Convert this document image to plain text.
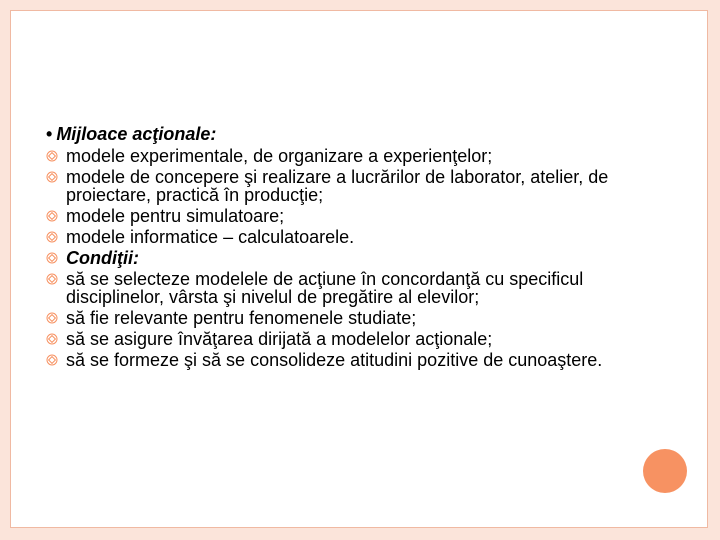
• Mijloace acţionale:
modele experimentale, de organizare a experienţelor;
modele de concepere şi realizare a lucrărilor de laborator, atelier, de proiectare, practică în producţie;
modele pentru simulatoare;
modele informatice – calculatoarele.
Condiţii:
să se selecteze modelele de acţiune în concordanţă cu specificul disciplinelor, vârsta şi nivelul de pregătire al elevilor;
să fie relevante pentru fenomenele studiate;
să se asigure învăţarea dirijată a modelelor acţionale;
să se formeze şi să se consolideze atitudini pozitive de cunoaştere.
